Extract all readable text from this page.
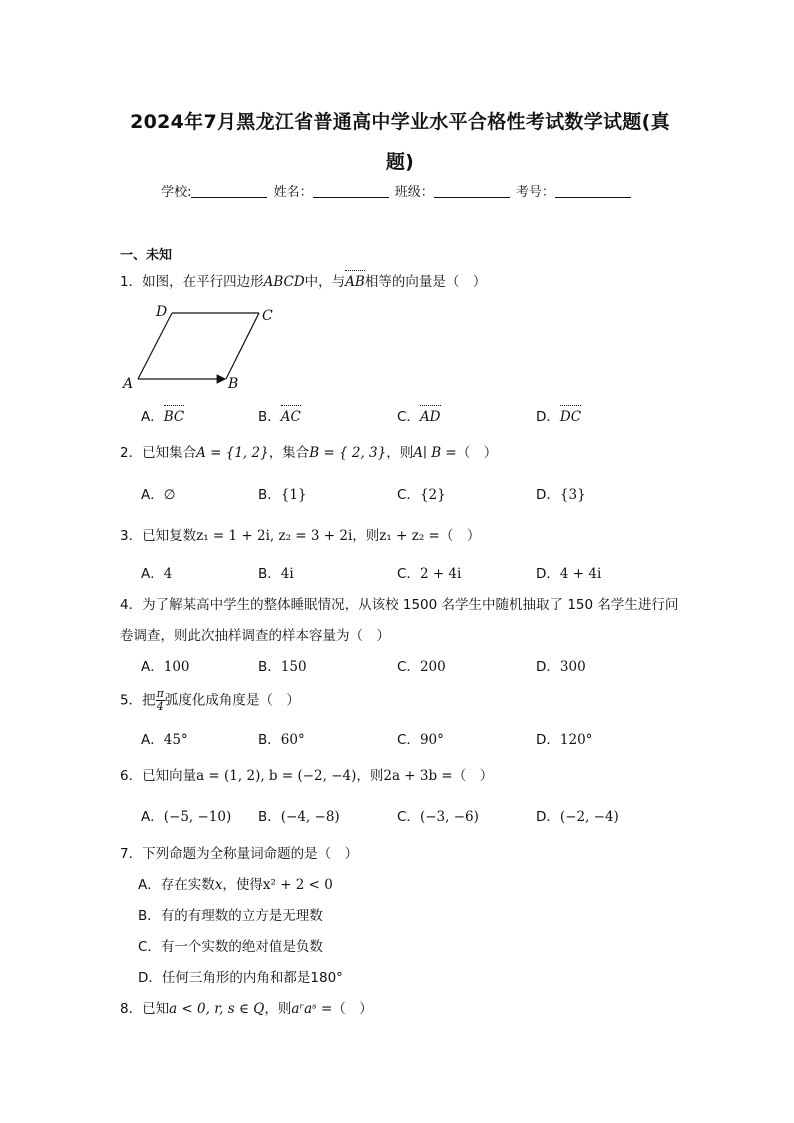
2024年7月黑龙江省普通高中学业水平合格性考试数学试题(真
题)
学校:	姓名：	班级：	考号：
一、未知
1．如图，在平行四边形ABCD中，与AB相等的向量是（　）
D	C
A	B
A．BC	B．AC	C．AD	D．DC
2．已知集合A = {1, 2}，集合B = { 2, 3}，则A∣ B =（　）
A．∅	B．{1}	C．{2}	D．{3}
3．已知复数z₁ = 1 + 2i, z₂ = 3 + 2i，则z₁ + z₂ =（　）
A．4	B．4i	C．2 + 4i	D．4 + 4i
4．为了解某高中学生的整体睡眠情况，从该校 1500 名学生中随机抽取了 150 名学生进行问
卷调查，则此次抽样调查的样本容量为（　）
A．100	B．150	C．200	D．300
5．把 $\frac{\pi}{4}$ 弧度化成角度是（　）
A．45°	B．60°	C．90°	D．120°
6．已知向量a = (1, 2), b = (−2, −4)，则2a + 3b =（　）
A．(−5, −10) B．(−4, −8)	C．(−3, −6)	D．(−2, −4)
7．下列命题为全称量词命题的是（　）
A．存在实数x，使得x² + 2 < 0
B．有的有理数的立方是无理数
C．有一个实数的绝对值是负数
D．任何三角形的内角和都是180°
8．已知a < 0, r, s ∈ Q，则aʳaˢ =（　）
